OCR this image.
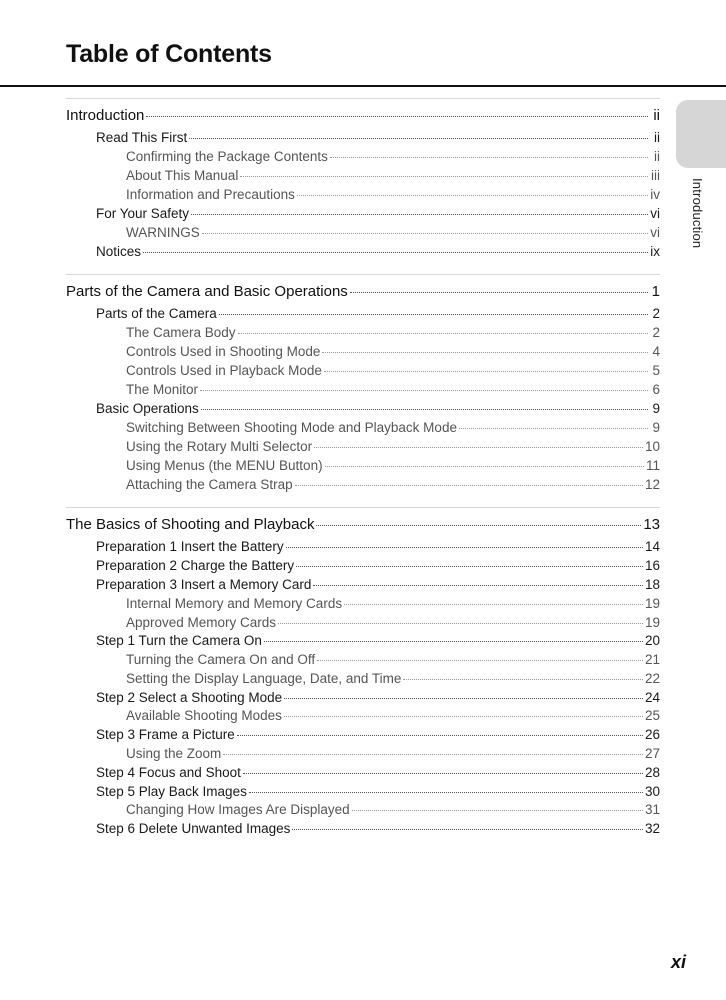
Table of Contents
Introduction
Introduction	ii
Read This First	ii
Confirming the Package Contents	ii
About This Manual	iii
Information and Precautions	iv
For Your Safety	vi
WARNINGS	vi
Notices	ix
Parts of the Camera and Basic Operations	1
Parts of the Camera	2
The Camera Body	2
Controls Used in Shooting Mode	4
Controls Used in Playback Mode	5
The Monitor	6
Basic Operations	9
Switching Between Shooting Mode and Playback Mode	9
Using the Rotary Multi Selector	10
Using Menus (the MENU Button)	11
Attaching the Camera Strap	12
The Basics of Shooting and Playback	13
Preparation 1 Insert the Battery	14
Preparation 2 Charge the Battery	16
Preparation 3 Insert a Memory Card	18
Internal Memory and Memory Cards	19
Approved Memory Cards	19
Step 1 Turn the Camera On	20
Turning the Camera On and Off	21
Setting the Display Language, Date, and Time	22
Step 2 Select a Shooting Mode	24
Available Shooting Modes	25
Step 3 Frame a Picture	26
Using the Zoom	27
Step 4 Focus and Shoot	28
Step 5 Play Back Images	30
Changing How Images Are Displayed	31
Step 6 Delete Unwanted Images	32
xi
